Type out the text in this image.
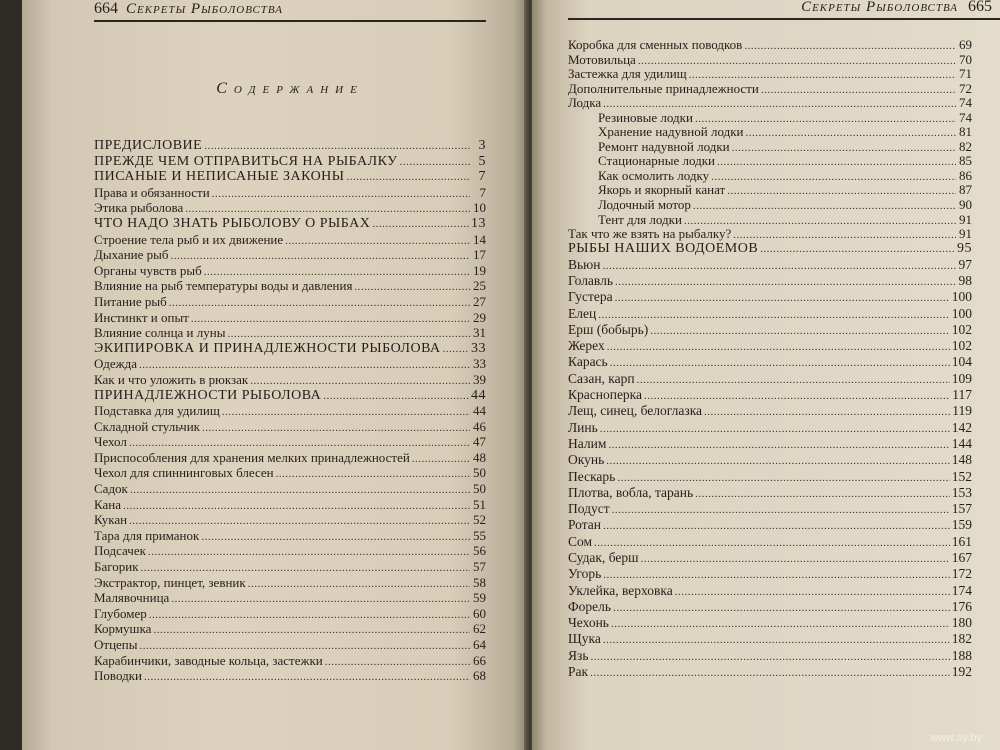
664 Секреты Рыболовства
Содержание
ПРЕДИСЛОВИЕ .....	3
ПРЕЖДЕ ЧЕМ ОТПРАВИТЬСЯ НА РЫБАЛКУ .....	5
ПИСАНЫЕ И НЕПИСАНЫЕ ЗАКОНЫ .....	7
Права и обязанности .....	7
Этика рыболова .....	10
ЧТО НАДО ЗНАТЬ РЫБОЛОВУ О РЫБАХ .....	13
Строение тела рыб и их движение .....	14
Дыхание рыб .....	17
Органы чувств рыб .....	19
Влияние на рыб температуры воды и давления .....	25
Питание рыб .....	27
Инстинкт и опыт .....	29
Влияние солнца и луны .....	31
ЭКИПИРОВКА И ПРИНАДЛЕЖНОСТИ РЫБОЛОВА ..... 33
Одежда .....	33
Как и что уложить в рюкзак .....	39
ПРИНАДЛЕЖНОСТИ РЫБОЛОВА .....	44
Подставка для удилищ .....	44
Складной стульчик .....	46
Чехол .....	47
Приспособления для хранения мелких принадлежностей .....	48
Чехол для спиннинговых блесен .....	50
Садок .....	50
Кана .....	51
Кукан .....	52
Тара для приманок .....	55
Подсачек .....	56
Багорик .....	57
Экстрактор, пинцет, зевник .....	58
Малявочница .....	59
Глубомер .....	60
Кормушка .....	62
Отцепы .....	64
Карабинчики, заводные кольца, застежки .....	66
Поводки .....	68
Секреты Рыболовства 665
Коробка для сменных поводков .....	69
Мотовильца .....	70
Застежка для удилищ .....	71
Дополнительные принадлежности .....	72
Лодка .....	74
Резиновые лодки .....	74
Хранение надувной лодки .....	81
Ремонт надувной лодки .....	82
Стационарные лодки .....	85
Как осмолить лодку .....	86
Якорь и якорный канат .....	87
Лодочный мотор .....	90
Тент для лодки .....	91
Так что же взять на рыбалку? .....	91
РЫБЫ НАШИХ ВОДОЕМОВ .....	95
Вьюн .....	97
Голавль .....	98
Густера .....	100
Елец .....	100
Ерш (бобырь) .....	102
Жерех .....	102
Карась .....	104
Сазан, карп .....	109
Красноперка .....	117
Лещ, синец, белоглазка .....	119
Линь .....	142
Налим .....	144
Окунь .....	148
Пескарь .....	152
Плотва, вобла, тарань .....	153
Подуст .....	157
Ротан .....	159
Сом .....	161
Судак, берш .....	167
Угорь .....	172
Уклейка, верховка .....	174
Форель .....	176
Чехонь .....	180
Щука .....	182
Язь .....	188
Рак .....	192
www.ay.by
